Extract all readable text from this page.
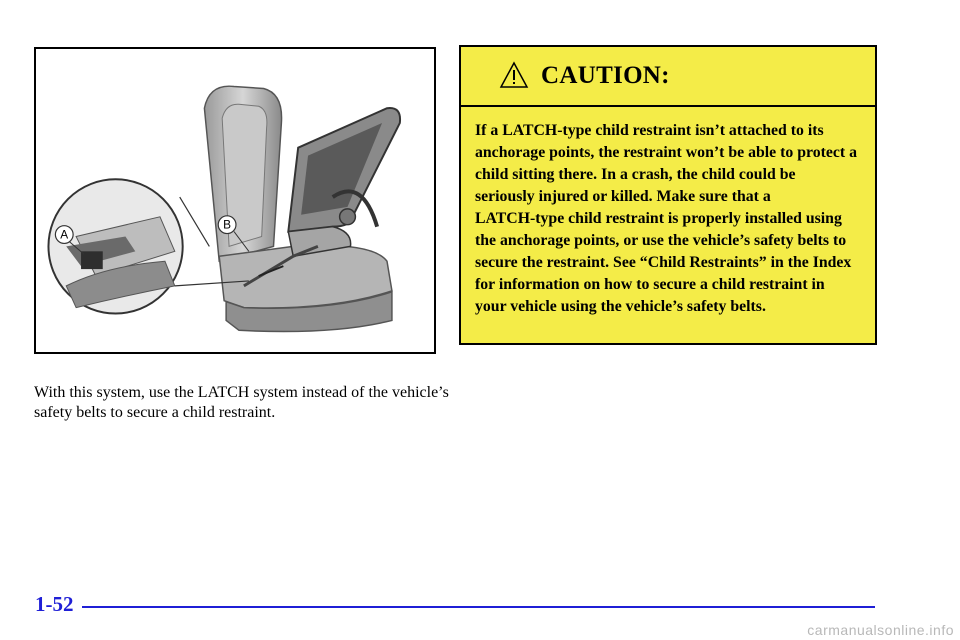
B
A
With this system, use the LATCH system instead of the vehicle’s safety belts to secure a child restraint.
CAUTION:
If a LATCH‑type child restraint isn’t attached to its anchorage points, the restraint won’t be able to protect a child sitting there. In a crash, the child could be seriously injured or killed. Make sure that a LATCH‑type child restraint is properly installed using the anchorage points, or use the vehicle’s safety belts to secure the restraint. See “Child Restraints” in the Index for information on how to secure a child restraint in your vehicle using the vehicle’s safety belts.
1-52
carmanualsonline.info
